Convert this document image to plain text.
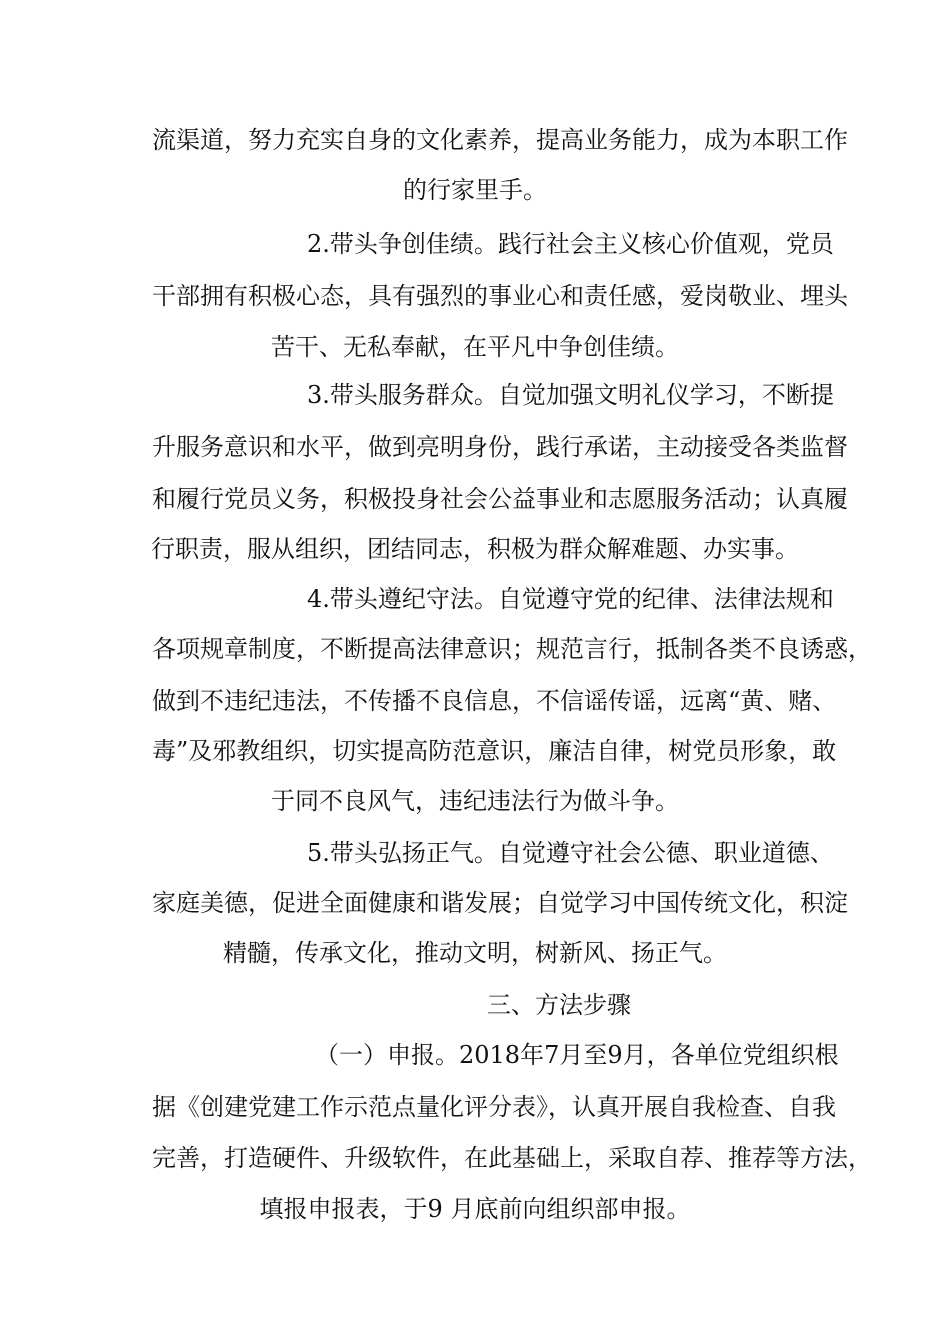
流渠道，努力充实自身的文化素养，提高业务能力，成为本职工作
的行家里手。
2.带头争创佳绩。践行社会主义核心价值观，党员
干部拥有积极心态，具有强烈的事业心和责任感，爱岗敬业、埋头
苦干、无私奉献，在平凡中争创佳绩。
3.带头服务群众。自觉加强文明礼仪学习，不断提
升服务意识和水平，做到亮明身份，践行承诺，主动接受各类监督
和履行党员义务，积极投身社会公益事业和志愿服务活动；认真履
行职责，服从组织，团结同志，积极为群众解难题、办实事。
4.带头遵纪守法。自觉遵守党的纪律、法律法规和
各项规章制度，不断提高法律意识；规范言行，抵制各类不良诱惑，
做到不违纪违法，不传播不良信息，不信谣传谣，远离“黄、赌、
毒”及邪教组织，切实提高防范意识，廉洁自律，树党员形象，敢
于同不良风气，违纪违法行为做斗争。
5.带头弘扬正气。自觉遵守社会公德、职业道德、
家庭美德，促进全面健康和谐发展；自觉学习中国传统文化，积淀
精髓，传承文化，推动文明，树新风、扬正气。
三、方法步骤
（一）申报。2018年7月至9月，各单位党组织根
据《创建党建工作示范点量化评分表》，认真开展自我检查、自我
完善，打造硬件、升级软件，在此基础上，采取自荐、推荐等方法，
填报申报表，于9 月底前向组织部申报。
